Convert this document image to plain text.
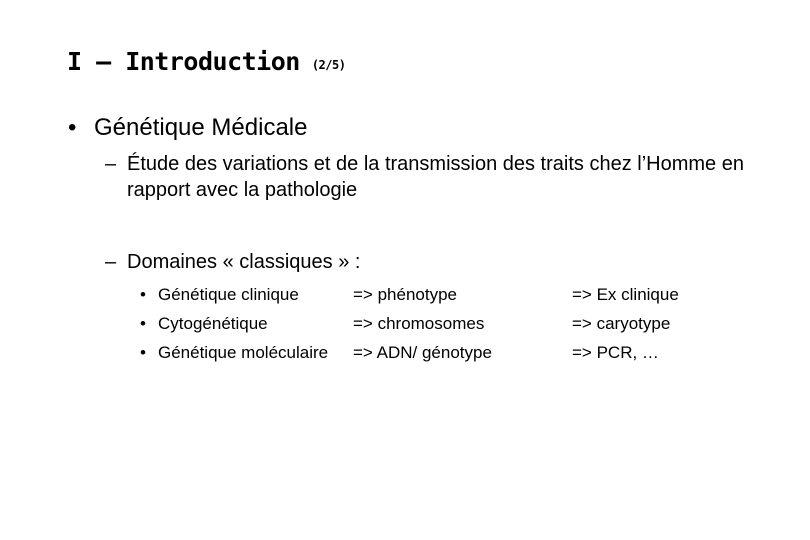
I – Introduction (2/5)
• Génétique Médicale
– Étude des variations et de la transmission des traits chez l’Homme en rapport avec la pathologie
– Domaines « classiques » :
• Génétique clinique	=> phénotype	=> Ex clinique
• Cytogénétique	=> chromosomes	=> caryotype
• Génétique moléculaire => ADN/ génotype	=> PCR, …
